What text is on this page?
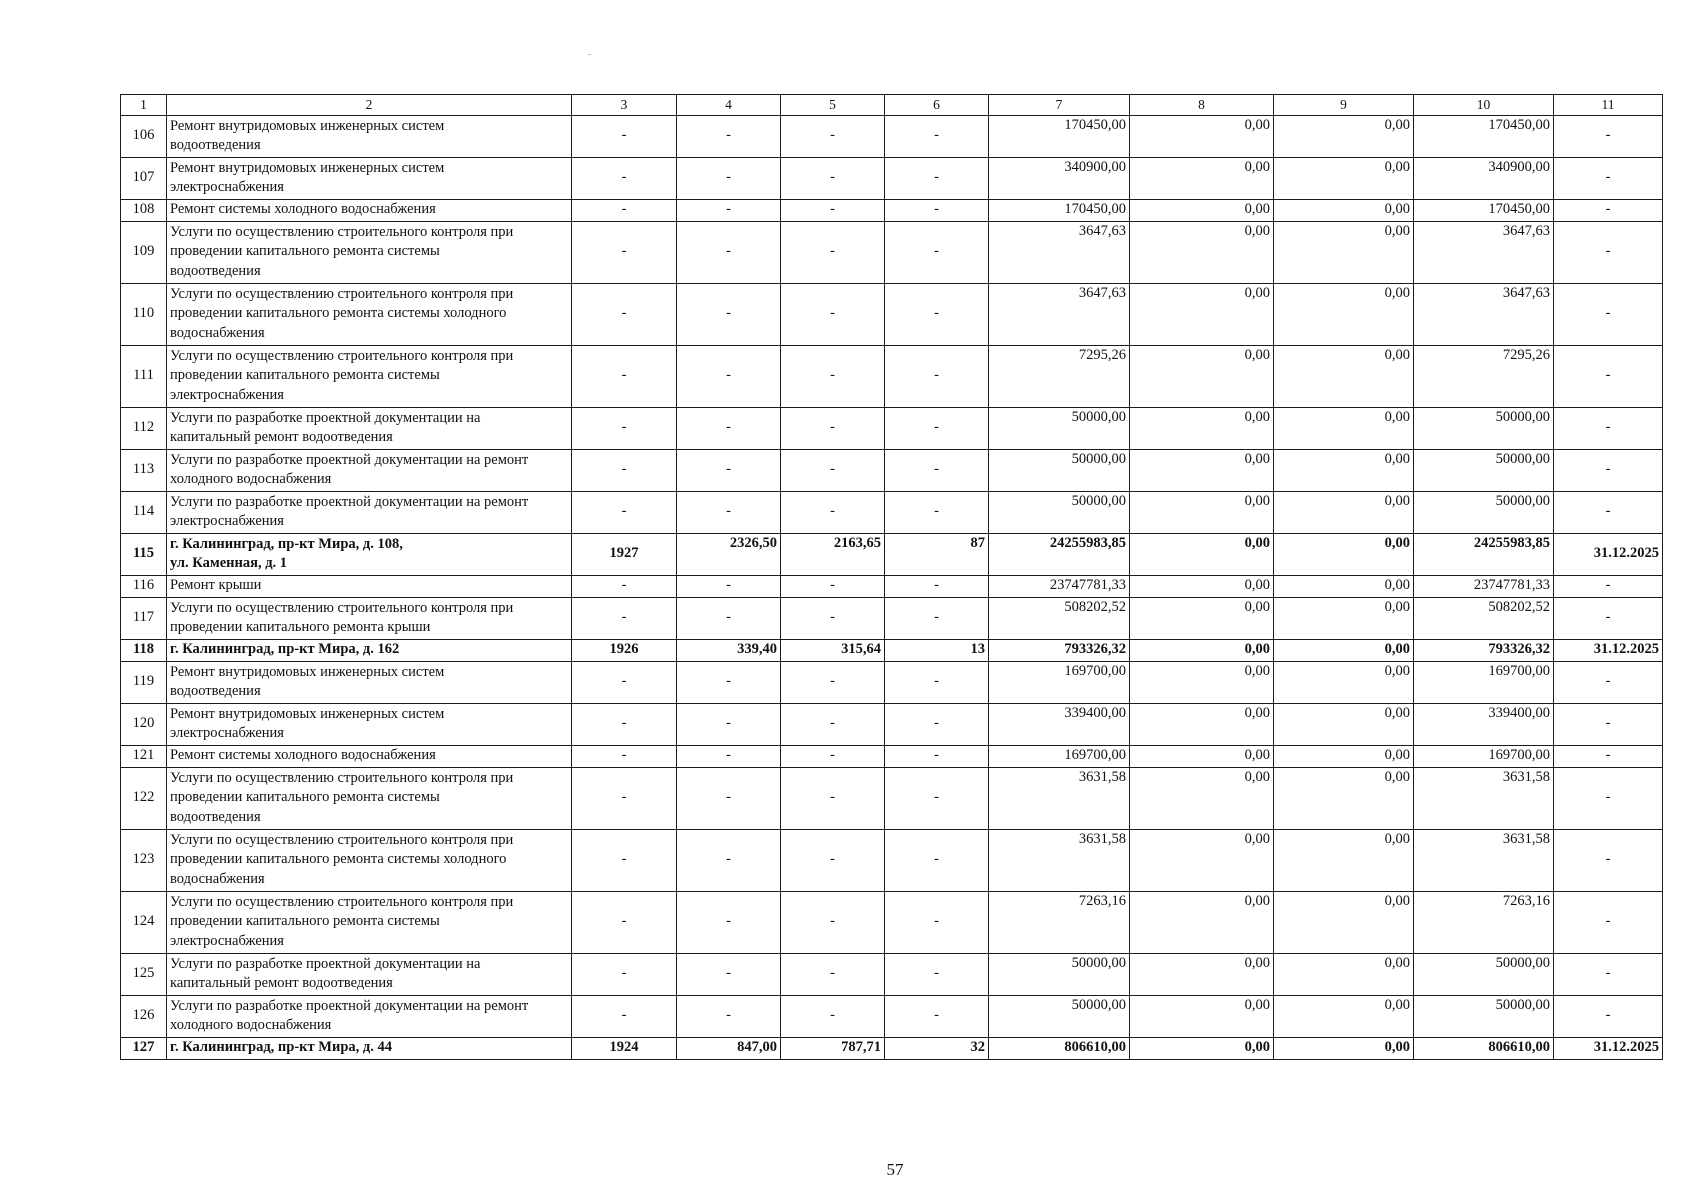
1	2	3	4	5	6	7	8	9	10	11
106	Ремонт внутридомовых инженерных систем
водоотведения	-	-	-	-	170450,00	0,00	0,00	170450,00	-
107	Ремонт внутридомовых инженерных систем
электроснабжения	-	-	-	-	340900,00	0,00	0,00	340900,00	-
108	Ремонт системы холодного водоснабжения	-	-	-	-	170450,00	0,00	0,00	170450,00	-
109	Услуги по осуществлению строительного контроля при
проведении капитального ремонта системы
водоотведения	-	-	-	-	3647,63	0,00	0,00	3647,63	-
110	Услуги по осуществлению строительного контроля при
проведении капитального ремонта системы холодного
водоснабжения	-	-	-	-	3647,63	0,00	0,00	3647,63	-
111	Услуги по осуществлению строительного контроля при
проведении капитального ремонта системы
электроснабжения	-	-	-	-	7295,26	0,00	0,00	7295,26	-
112	Услуги по разработке проектной документации на
капитальный ремонт водоотведения	-	-	-	-	50000,00	0,00	0,00	50000,00	-
113	Услуги по разработке проектной документации на ремонт
холодного водоснабжения	-	-	-	-	50000,00	0,00	0,00	50000,00	-
114	Услуги по разработке проектной документации на ремонт
электроснабжения	-	-	-	-	50000,00	0,00	0,00	50000,00	-
115	г. Калининград, пр-кт Мира, д. 108,
ул. Каменная, д. 1	1927	2326,50	2163,65	87	24255983,85	0,00	0,00	24255983,85	31.12.2025
116	Ремонт крыши	-	-	-	-	23747781,33	0,00	0,00	23747781,33	-
117	Услуги по осуществлению строительного контроля при
проведении капитального ремонта крыши	-	-	-	-	508202,52	0,00	0,00	508202,52	-
118	г. Калининград, пр-кт Мира, д. 162	1926	339,40	315,64	13	793326,32	0,00	0,00	793326,32	31.12.2025
119	Ремонт внутридомовых инженерных систем
водоотведения	-	-	-	-	169700,00	0,00	0,00	169700,00	-
120	Ремонт внутридомовых инженерных систем
электроснабжения	-	-	-	-	339400,00	0,00	0,00	339400,00	-
121	Ремонт системы холодного водоснабжения	-	-	-	-	169700,00	0,00	0,00	169700,00	-
122	Услуги по осуществлению строительного контроля при
проведении капитального ремонта системы
водоотведения	-	-	-	-	3631,58	0,00	0,00	3631,58	-
123	Услуги по осуществлению строительного контроля при
проведении капитального ремонта системы холодного
водоснабжения	-	-	-	-	3631,58	0,00	0,00	3631,58	-
124	Услуги по осуществлению строительного контроля при
проведении капитального ремонта системы
электроснабжения	-	-	-	-	7263,16	0,00	0,00	7263,16	-
125	Услуги по разработке проектной документации на
капитальный ремонт водоотведения	-	-	-	-	50000,00	0,00	0,00	50000,00	-
126	Услуги по разработке проектной документации на ремонт
холодного водоснабжения	-	-	-	-	50000,00	0,00	0,00	50000,00	-
127	г. Калининград, пр-кт Мира, д. 44	1924	847,00	787,71	32	806610,00	0,00	0,00	806610,00	31.12.2025
57
